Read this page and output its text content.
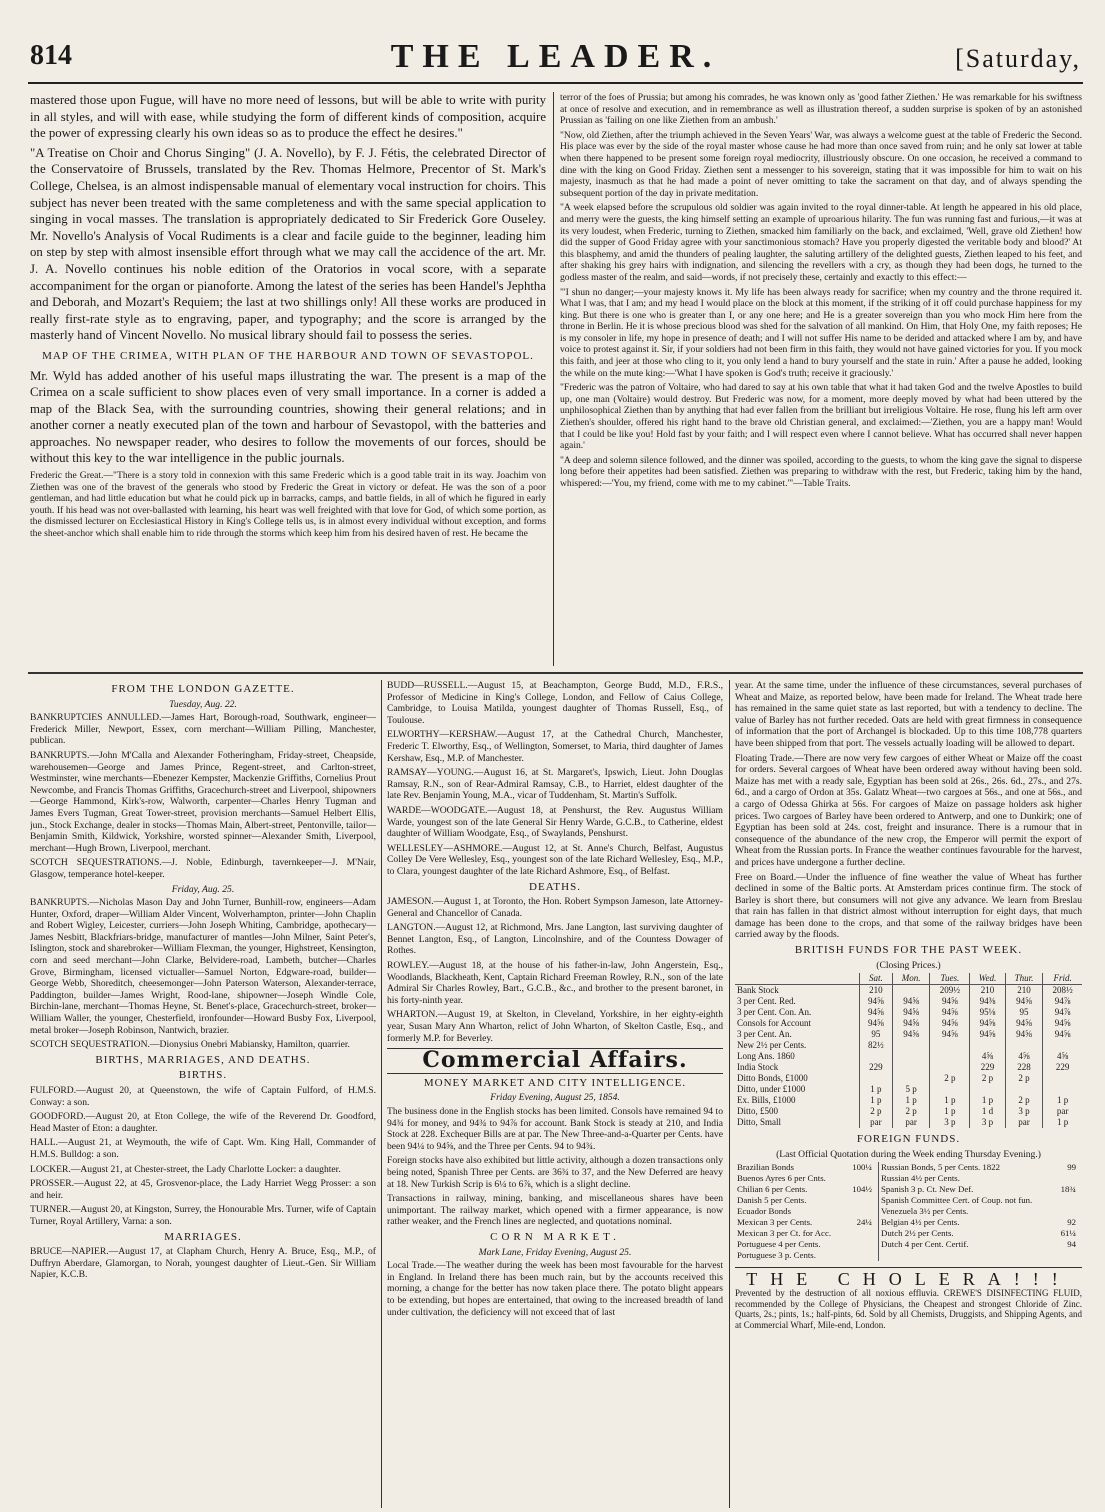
814	THE LEADER.	[Saturday,

mastered those upon Fugue, will have no more need of lessons, but will be able to write with purity in all styles, and will with ease, while studying the form of different kinds of composition, acquire the power of expressing clearly his own ideas so as to produce the effect he desires."

"A Treatise on Choir and Chorus Singing" (J. A. Novello), by F. J. Fétis, the celebrated Director of the Conservatoire of Brussels, translated by the Rev. Thomas Helmore, Precentor of St. Mark's College, Chelsea, is an almost indispensable manual of elementary vocal instruction for choirs. This subject has never been treated with the same completeness and with the same special application to singing in vocal masses. The translation is appropriately dedicated to Sir Frederick Gore Ouseley. Mr. Novello's Analysis of Vocal Rudiments is a clear and facile guide to the beginner, leading him on step by step with almost insensible effort through what we may call the accidence of the art. Mr. J. A. Novello continues his noble edition of the Oratorios in vocal score, with a separate accompaniment for the organ or pianoforte. Among the latest of the series has been Handel's Jephtha and Deborah, and Mozart's Requiem; the last at two shillings only! All these works are produced in really first-rate style as to engraving, paper, and typography; and the score is arranged by the masterly hand of Vincent Novello. No musical library should fail to possess the series.

MAP OF THE CRIMEA, WITH PLAN OF THE HARBOUR AND TOWN OF SEVASTOPOL.

Mr. Wyld has added another of his useful maps illustrating the war. The present is a map of the Crimea on a scale sufficient to show places even of very small importance. In a corner is added a map of the Black Sea, with the surrounding countries, showing their general relations; and in another corner a neatly executed plan of the town and harbour of Sevastopol, with the batteries and approaches. No newspaper reader, who desires to follow the movements of our forces, should be without this key to the war intelligence in the public journals.

Frederic the Great.—"There is a story told in connexion with this same Frederic which is a good table trait in its way. Joachim von Ziethen was one of the bravest of the generals who stood by Frederic the Great in victory or defeat. He was the son of a poor gentleman, and had little education but what he could pick up in barracks, camps, and battle fields, in all of which he figured in early youth. If his head was not over-ballasted with learning, his heart was well freighted with that love for God, of which some portion, as the dismissed lecturer on Ecclesiastical History in King's College tells us, is in almost every individual without exception, and forms the sheet-anchor which shall enable him to ride through the storms which keep him from his desired haven of rest. He became the

terror of the foes of Prussia; but among his comrades, he was known only as 'good father Ziethen.' He was remarkable for his swiftness at once of resolve and execution, and in remembrance as well as illustration thereof, a sudden surprise is spoken of by an astonished Prussian as 'failing on one like Ziethen from an ambush.'

"Now, old Ziethen, after the triumph achieved in the Seven Years' War, was always a welcome guest at the table of Frederic the Second. His place was ever by the side of the royal master whose cause he had more than once saved from ruin; and he only sat lower at table when there happened to be present some foreign royal mediocrity, illustriously obscure. On one occasion, he received a command to dine with the king on Good Friday. Ziethen sent a messenger to his sovereign, stating that it was impossible for him to wait on his majesty, inasmuch as that he had made a point of never omitting to take the sacrament on that day, and of always spending the subsequent portion of the day in private meditation.

"A week elapsed before the scrupulous old soldier was again invited to the royal dinner-table. At length he appeared in his old place, and merry were the guests, the king himself setting an example of uproarious hilarity. The fun was running fast and furious,—it was at its very loudest, when Frederic, turning to Ziethen, smacked him familiarly on the back, and exclaimed, 'Well, grave old Ziethen! how did the supper of Good Friday agree with your sanctimonious stomach? Have you properly digested the veritable body and blood?' At this blasphemy, and amid the thunders of pealing laughter, the saluting artillery of the delighted guests, Ziethen leaped to his feet, and after shaking his grey hairs with indignation, and silencing the revellers with a cry, as though they had been dogs, he turned to the godless master of the realm, and said—words, if not precisely these, certainly and exactly to this effect:—

"'I shun no danger;—your majesty knows it. My life has been always ready for sacrifice; when my country and the throne required it. What I was, that I am; and my head I would place on the block at this moment, if the striking of it off could purchase happiness for my king. But there is one who is greater than I, or any one here; and He is a greater sovereign than you who mock Him here from the throne in Berlin. He it is whose precious blood was shed for the salvation of all mankind. On Him, that Holy One, my faith reposes; He is my consoler in life, my hope in presence of death; and I will not suffer His name to be derided and attacked where I am by, and have voice to protest against it. Sir, if your soldiers had not been firm in this faith, they would not have gained victories for you. If you mock this faith, and jeer at those who cling to it, you only lend a hand to bury yourself and the state in ruin.' After a pause he added, looking the while on the mute king:—'What I have spoken is God's truth; receive it graciously.'

"Frederic was the patron of Voltaire, who had dared to say at his own table that what it had taken God and the twelve Apostles to build up, one man (Voltaire) would destroy. But Frederic was now, for a moment, more deeply moved by what had been uttered by the unphilosophical Ziethen than by anything that had ever fallen from the brilliant but irreligious Voltaire. He rose, flung his left arm over Ziethen's shoulder, offered his right hand to the brave old Christian general, and exclaimed:—'Ziethen, you are a happy man! Would that I could be like you! Hold fast by your faith; and I will respect even where I cannot believe. What has occurred shall never happen again.'

"A deep and solemn silence followed, and the dinner was spoiled, according to the guests, to whom the king gave the signal to disperse long before their appetites had been satisfied. Ziethen was preparing to withdraw with the rest, but Frederic, taking him by the hand, whispered:—'You, my friend, come with me to my cabinet.'"—Table Traits.

FROM THE LONDON GAZETTE.
Tuesday, Aug. 22.

BANKRUPTCIES ANNULLED.—James Hart, Borough-road, Southwark, engineer—Frederick Miller, Newport, Essex, corn merchant—William Pilling, Manchester, publican.

BANKRUPTS.—John M'Calla and Alexander Fotheringham, Friday-street, Cheapside, warehousemen—George and James Prince, Regent-street, and Carlton-street, Westminster, wine merchants—Ebenezer Kempster, Mackenzie Griffiths, Cornelius Prout Newcombe, and Francis Thomas Griffiths, Gracechurch-street and Liverpool, shipowners—George Hammond, Kirk's-row, Walworth, carpenter—Charles Henry Tugman and James Evers Tugman, Great Tower-street, provision merchants—Samuel Helbert Ellis, jun., Stock Exchange, dealer in stocks—Thomas Main, Albert-street, Pentonville, tailor—Benjamin Smith, Kildwick, Yorkshire, worsted spinner—Alexander Smith, Liverpool, merchant—Hugh Brown, Liverpool, merchant.

SCOTCH SEQUESTRATIONS.—J. Noble, Edinburgh, tavernkeeper—J. M'Nair, Glasgow, temperance hotel-keeper.

Friday, Aug. 25.

BANKRUPTS.—Nicholas Mason Day and John Turner, Bunhill-row, engineers—Adam Hunter, Oxford, draper—William Alder Vincent, Wolverhampton, printer—John Chaplin and Robert Wigley, Leicester, curriers—John Joseph Whiting, Cambridge, apothecary—James Nesbitt, Blackfriars-bridge, manufacturer of mantles—John Milner, Saint Peter's, Islington, stock and sharebroker—William Flexman, the younger, Highstreet, Kensington, corn and seed merchant—John Clarke, Belvidere-road, Lambeth, butcher—Charles Grove, Birmingham, licensed victualler—Samuel Norton, Edgware-road, builder—George Webb, Shoreditch, cheesemonger—John Paterson Waterson, Alexander-terrace, Paddington, builder—James Wright, Rood-lane, shipowner—Joseph Windle Cole, Birchin-lane, merchant—Thomas Heyne, St. Benet's-place, Gracechurch-street, broker—William Waller, the younger, Chesterfield, ironfounder—Howard Busby Fox, Liverpool, metal broker—Joseph Robinson, Nantwich, brazier.

SCOTCH SEQUESTRATION.—Dionysius Onebri Mabiansky, Hamilton, quarrier.

BIRTHS, MARRIAGES, AND DEATHS.
BIRTHS.

FULFORD.—August 20, at Queenstown, the wife of Captain Fulford, of H.M.S. Conway: a son.

GOODFORD.—August 20, at Eton College, the wife of the Reverend Dr. Goodford, Head Master of Eton: a daughter.

HALL.—August 21, at Weymouth, the wife of Capt. Wm. King Hall, Commander of H.M.S. Bulldog: a son.

LOCKER.—August 21, at Chester-street, the Lady Charlotte Locker: a daughter.

PROSSER.—August 22, at 45, Grosvenor-place, the Lady Harriet Wegg Prosser: a son and heir.

TURNER.—August 20, at Kingston, Surrey, the Honourable Mrs. Turner, wife of Captain Turner, Royal Artillery, Varna: a son.

MARRIAGES.

BRUCE—NAPIER.—August 17, at Clapham Church, Henry A. Bruce, Esq., M.P., of Duffryn Aberdare, Glamorgan, to Norah, youngest daughter of Lieut.-Gen. Sir William Napier, K.C.B.

BUDD—RUSSELL.—August 15, at Beachampton, George Budd, M.D., F.R.S., Professor of Medicine in King's College, London, and Fellow of Caius College, Cambridge, to Louisa Matilda, youngest daughter of Thomas Russell, Esq., of Toulouse.

ELWORTHY—KERSHAW.—August 17, at the Cathedral Church, Manchester, Frederic T. Elworthy, Esq., of Wellington, Somerset, to Maria, third daughter of James Kershaw, Esq., M.P. of Manchester.

RAMSAY—YOUNG.—August 16, at St. Margaret's, Ipswich, Lieut. John Douglas Ramsay, R.N., son of Rear-Admiral Ramsay, C.B., to Harriet, eldest daughter of the late Rev. Benjamin Young, M.A., vicar of Tuddenham, St. Martin's Suffolk.

WARDE—WOODGATE.—August 18, at Penshurst, the Rev. Augustus William Warde, youngest son of the late General Sir Henry Warde, G.C.B., to Catherine, eldest daughter of William Woodgate, Esq., of Swaylands, Penshurst.

WELLESLEY—ASHMORE.—August 12, at St. Anne's Church, Belfast, Augustus Colley De Vere Wellesley, Esq., youngest son of the late Richard Wellesley, Esq., M.P., to Clara, youngest daughter of the late Richard Ashmore, Esq., of Belfast.

DEATHS.

JAMESON.—August 1, at Toronto, the Hon. Robert Sympson Jameson, late Attorney-General and Chancellor of Canada.

LANGTON.—August 12, at Richmond, Mrs. Jane Langton, last surviving daughter of Bennet Langton, Esq., of Langton, Lincolnshire, and of the Countess Dowager of Rothes.

ROWLEY.—August 18, at the house of his father-in-law, John Angerstein, Esq., Woodlands, Blackheath, Kent, Captain Richard Freeman Rowley, R.N., son of the late Admiral Sir Charles Rowley, Bart., G.C.B., &c., and brother to the present baronet, in his forty-ninth year.

WHARTON.—August 19, at Skelton, in Cleveland, Yorkshire, in her eighty-eighth year, Susan Mary Ann Wharton, relict of John Wharton, of Skelton Castle, Esq., and formerly M.P. for Beverley.

Commercial Affairs.
MONEY MARKET AND CITY INTELLIGENCE.
Friday Evening, August 25, 1854.

The business done in the English stocks has been limited. Consols have remained 94 to 94¾ for money, and 94¾ to 94⅞ for account. Bank Stock is steady at 210, and India Stock at 228. Exchequer Bills are at par. The New Three-and-a-Quarter per Cents. have been 94¼ to 94⅝, and the Three per Cents. 94 to 94¾.

Foreign stocks have also exhibited but little activity, although a dozen transactions only being noted, Spanish Three per Cents. are 36¾ to 37, and the New Deferred are heavy at 18. New Turkish Scrip is 6¼ to 6⅞, which is a slight decline.

Transactions in railway, mining, banking, and miscellaneous shares have been unimportant. The railway market, which opened with a firmer appearance, is now rather weaker, and the French lines are neglected, and quotations nominal.

CORN MARKET.
Mark Lane, Friday Evening, August 25.

Local Trade.—The weather during the week has been most favourable for the harvest in England. In Ireland there has been much rain, but by the accounts received this morning, a change for the better has now taken place there. The potato blight appears to be extending, but hopes are entertained, that owing to the increased breadth of land under cultivation, the deficiency will not exceed that of last

year. At the same time, under the influence of these circumstances, several purchases of Wheat and Maize, as reported below, have been made for Ireland. The Wheat trade here has remained in the same quiet state as last reported, but with a tendency to decline. The value of Barley has not further receded. Oats are held with great firmness in consequence of information that the port of Archangel is blockaded. Up to this time 108,778 quarters have been shipped from that port. The vessels actually loading will be allowed to depart.

Floating Trade.—There are now very few cargoes of either Wheat or Maize off the coast for orders. Several cargoes of Wheat have been ordered away without having been sold. Maize has met with a ready sale, Egyptian has been sold at 26s., 26s. 6d., 27s., and 27s. 6d., and a cargo of Ordon at 35s. Galatz Wheat—two cargoes at 56s., and one at 56s., and a cargo of Odessa Ghirka at 56s. For cargoes of Maize on passage holders ask higher prices. Two cargoes of Barley have been ordered to Antwerp, and one to Dunkirk; one of Egyptian has been sold at 24s. cost, freight and insurance. There is a rumour that in consequence of the abundance of the new crop, the Emperor will permit the export of Wheat from the Russian ports. In France the weather continues favourable for the harvest, and prices have undergone a further decline.

Free on Board.—Under the influence of fine weather the value of Wheat has further declined in some of the Baltic ports. At Amsterdam prices continue firm. The stock of Barley is short there, but consumers will not give any advance. We learn from Breslau that rain has fallen in that district almost without interruption for eight days, that much damage has been done to the crops, and that some of the railway bridges have been carried away by the floods.

BRITISH FUNDS FOR THE PAST WEEK.
(Closing Prices.)
	Sat.	Mon.	Tues.	Wed.	Thur.	Frid.
Bank Stock	210		209½	210	210	208½
3 per Cent. Red.	94⅝	94⅝	94⅝	94⅜	94⅝	94⅞
3 per Cent. Con. An.	94⅝	94⅝	94⅝	95⅛	95	94⅞
Consols for Account	94⅝	94⅝	94⅝	94⅝	94⅝	94⅝
3 per Cent. An.	95	94⅝	94⅝	94⅝	94⅝	94⅝
New 2½ per Cents.	82½					
Long Ans. 1860				4⅝	4⅝	4⅝
India Stock	229			229	228	229
Ditto Bonds, £1000			2 p	2 p	2 p	
Ditto, under £1000	1 p	5 p				
Ex. Bills, £1000	1 p	1 p	1 p	1 p	2 p	1 p
Ditto, £500	2 p	2 p	1 p	1 d	3 p	par
Ditto, Small	par	par	3 p	3 p	par	1 p
FOREIGN FUNDS.
(Last Official Quotation during the Week ending Thursday Evening.)
Brazilian Bonds	100¼	Russian Bonds, 5 per Cents. 1822	99
Buenos Ayres 6 per Cnts.		Russian 4½ per Cents.	
Chilian 6 per Cents.	104½	Spanish 3 p. Ct. New Def.	18¾
Danish 5 per Cents.		Spanish Committee Cert. of Coup. not fun.	
Ecuador Bonds		Venezuela 3½ per Cents.	
Mexican 3 per Cents.	24¼	Belgian 4½ per Cents.	92
Mexican 3 per Ct. for Acc.		Dutch 2½ per Cents.	61¼
Portuguese 4 per Cents.		Dutch 4 per Cent. Certif.	94
Portuguese 3 p. Cents.			
THE CHOLERA!!!

Prevented by the destruction of all noxious effluvia. CREWE'S DISINFECTING FLUID, recommended by the College of Physicians, the Cheapest and strongest Chloride of Zinc. Quarts, 2s.; pints, 1s.; half-pints, 6d. Sold by all Chemists, Druggists, and Shipping Agents, and at Commercial Wharf, Mile-end, London.
